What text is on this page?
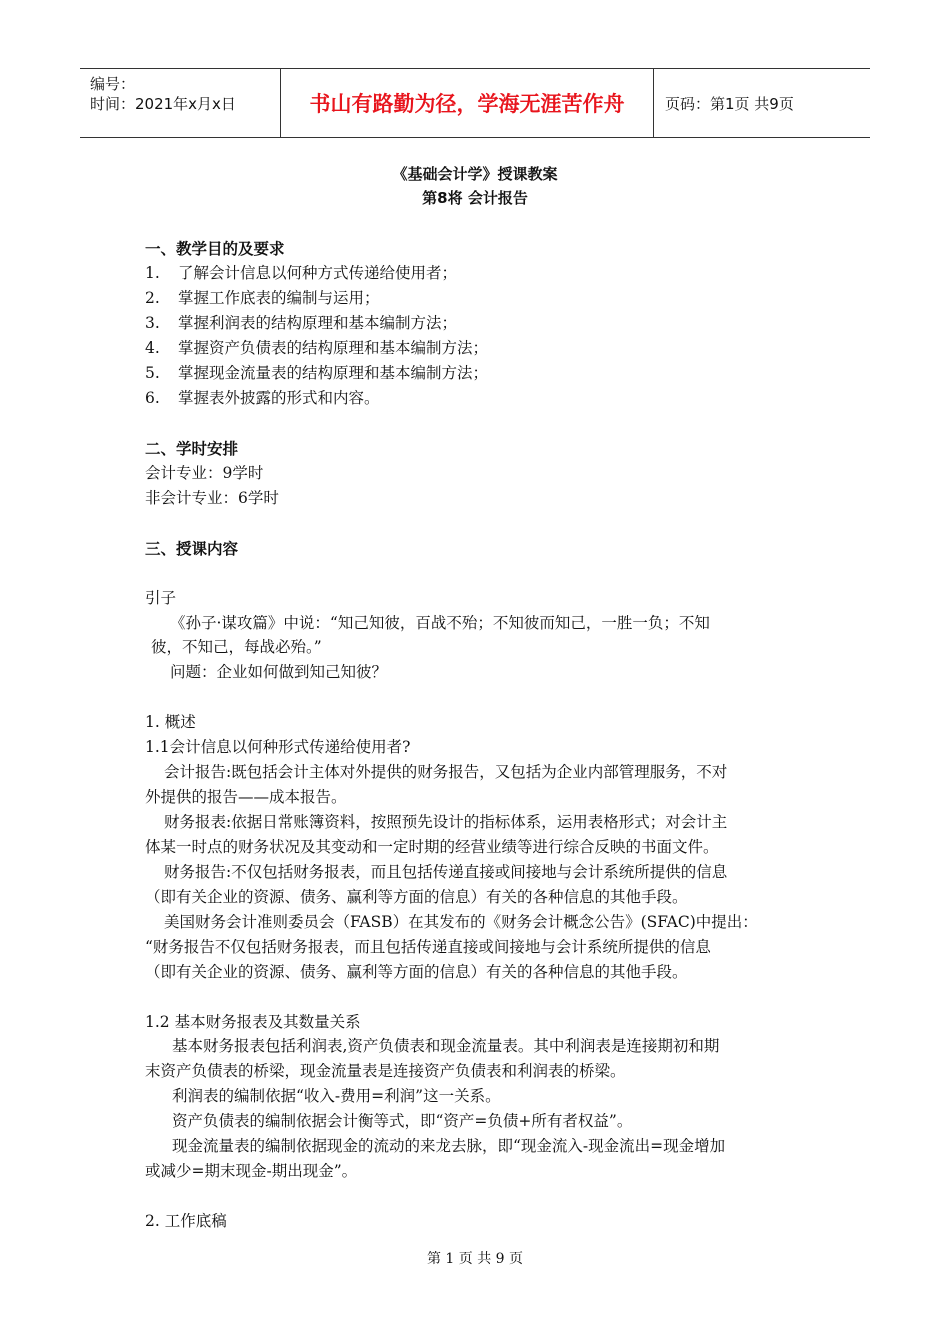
编号：
时间：2021年x月x日	书山有路勤为径，学海无涯苦作舟	页码：第1页 共9页
《基础会计学》授课教案
第8将 会计报告
一、教学目的及要求
1. 了解会计信息以何种方式传递给使用者；
2. 掌握工作底表的编制与运用；
3. 掌握利润表的结构原理和基本编制方法；
4. 掌握资产负债表的结构原理和基本编制方法；
5. 掌握现金流量表的结构原理和基本编制方法；
6. 掌握表外披露的形式和内容。
二、学时安排
会计专业：9学时
非会计专业：6学时
三、授课内容
引子
《孙子·谋攻篇》中说：“知己知彼，百战不殆；不知彼而知己，一胜一负；不知
彼，不知己，每战必殆。”
问题：企业如何做到知己知彼？
1. 概述
1.1会计信息以何种形式传递给使用者?
会计报告:既包括会计主体对外提供的财务报告，又包括为企业内部管理服务，不对
外提供的报告——成本报告。
财务报表:依据日常账簿资料，按照预先设计的指标体系，运用表格形式；对会计主
体某一时点的财务状况及其变动和一定时期的经营业绩等进行综合反映的书面文件。
财务报告:不仅包括财务报表，而且包括传递直接或间接地与会计系统所提供的信息
（即有关企业的资源、债务、赢利等方面的信息）有关的各种信息的其他手段。
美国财务会计准则委员会（FASB）在其发布的《财务会计概念公告》(SFAC)中提出：
“财务报告不仅包括财务报表，而且包括传递直接或间接地与会计系统所提供的信息
（即有关企业的资源、债务、赢利等方面的信息）有关的各种信息的其他手段。
1.2 基本财务报表及其数量关系
基本财务报表包括利润表,资产负债表和现金流量表。其中利润表是连接期初和期
末资产负债表的桥梁，现金流量表是连接资产负债表和利润表的桥梁。
利润表的编制依据“收入-费用=利润”这一关系。
资产负债表的编制依据会计衡等式，即“资产=负债+所有者权益”。
现金流量表的编制依据现金的流动的来龙去脉，即“现金流入-现金流出=现金增加
或减少=期末现金-期出现金”。
2. 工作底稿
第 1 页 共 9 页
